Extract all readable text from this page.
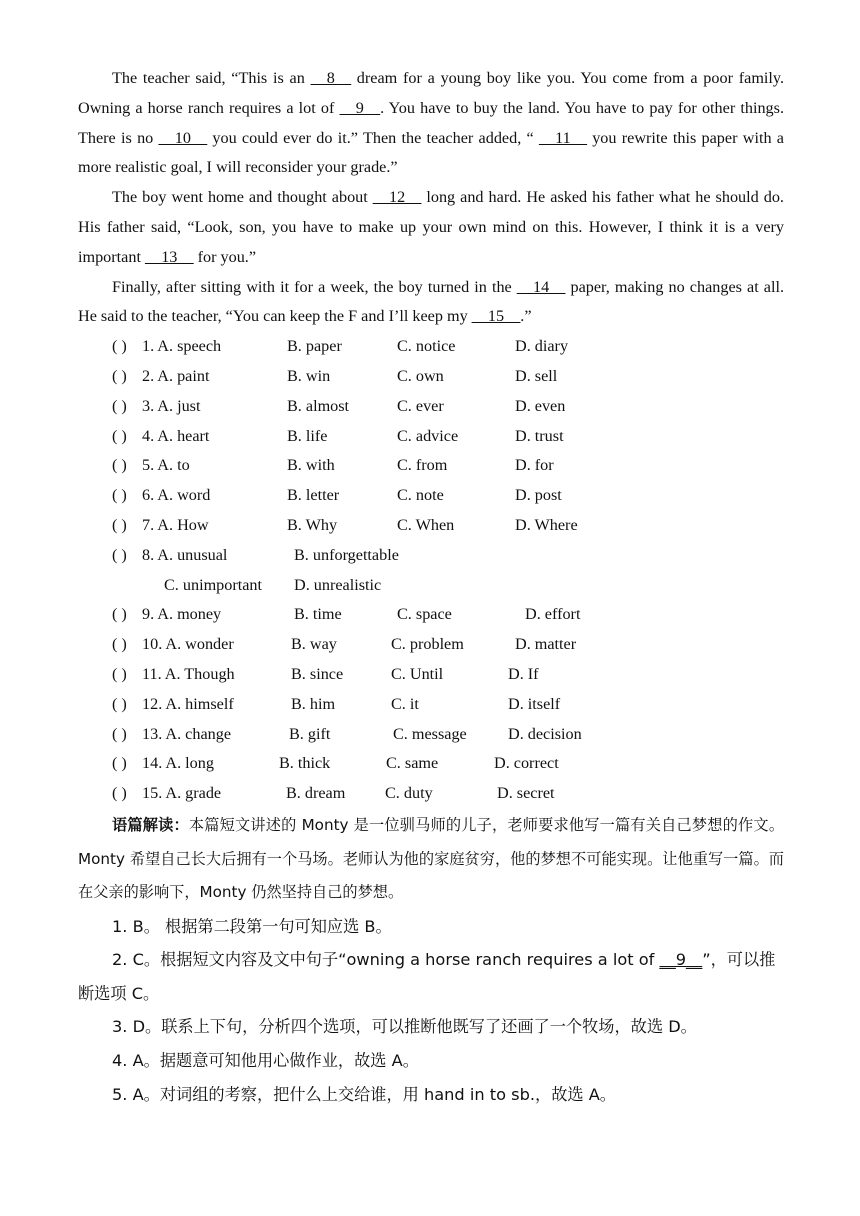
The teacher said, “This is an __8__ dream for a young boy like you. You come from a poor family. Owning a horse ranch requires a lot of __9__. You have to buy the land. You have to pay for other things. There is no __10__ you could ever do it.” Then the teacher added, “ __11__ you rewrite this paper with a more realistic goal, I will reconsider your grade.”

The boy went home and thought about __12__ long and hard. He asked his father what he should do. His father said, “Look, son, you have to make up your own mind on this. However, I think it is a very important __13__ for you.”

Finally, after sitting with it for a week, the boy turned in the __14__ paper, making no changes at all. He said to the teacher, “You can keep the F and I’ll keep my __15__.”

( ) 1. A. speech	B. paper	C. notice	D. diary
( ) 2. A. paint	B. win	C. own	D. sell
( ) 3. A. just	B. almost	C. ever	D. even
( ) 4. A. heart	B. life	C. advice	D. trust
( ) 5. A. to	B. with	C. from	D. for
( ) 6. A. word	B. letter	C. note	D. post
( ) 7. A. How	B. Why	C. When	D. Where
( ) 8. A. unusual	B. unforgettable
C. unimportant D. unrealistic
( ) 9. A. money	B. time	C. space	D. effort
( ) 10. A. wonder	B. way	C. problem	D. matter
( ) 11. A. Though	B. since	C. Until	D. If
( ) 12. A. himself	B. him	C. it	D. itself
( ) 13. A. change	B. gift	C. message	D. decision
( ) 14. A. long	B. thick	C. same	D. correct
( ) 15. A. grade	B. dream C. duty	D. secret

语篇解读：本篇短文讲述的 Monty 是一位驯马师的儿子，老师要求他写一篇有关自己梦想的作文。Monty 希望自己长大后拥有一个马场。老师认为他的家庭贫穷，他的梦想不可能实现。让他重写一篇。而在父亲的影响下，Monty 仍然坚持自己的梦想。

1. B。 根据第二段第一句可知应选 B。

2. C。根据短文内容及文中句子“owning a horse ranch requires a lot of __9__”，可以推断选项 C。

3. D。联系上下句，分析四个选项，可以推断他既写了还画了一个牧场，故选 D。

4. A。据题意可知他用心做作业，故选 A。

5. A。对词组的考察，把什么上交给谁，用 hand in to sb.，故选 A。
